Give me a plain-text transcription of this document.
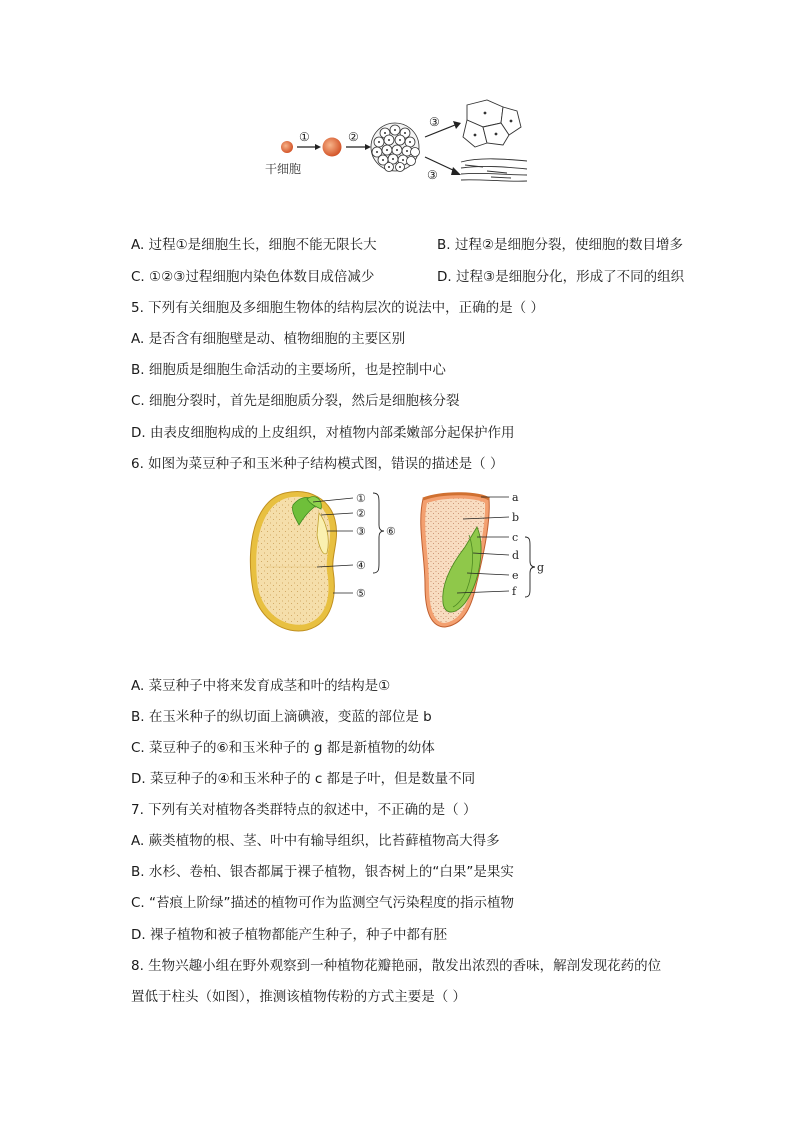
①	②
③
③
干细胞
A. 过程①是细胞生长，细胞不能无限长大	B. 过程②是细胞分裂，使细胞的数目增多
C. ①②③过程细胞内染色体数目成倍减少	D. 过程③是细胞分化，形成了不同的组织
5. 下列有关细胞及多细胞生物体的结构层次的说法中，正确的是（ ）
A. 是否含有细胞壁是动、植物细胞的主要区别
B. 细胞质是细胞生命活动的主要场所，也是控制中心
C. 细胞分裂时，首先是细胞质分裂，然后是细胞核分裂
D. 由表皮细胞构成的上皮组织，对植物内部柔嫩部分起保护作用
6. 如图为菜豆种子和玉米种子结构模式图，错误的描述是（ ）
①
②
③
④
⑤
⑥
a
b
c
d
e
f
g
A. 菜豆种子中将来发育成茎和叶的结构是①
B. 在玉米种子的纵切面上滴碘液，变蓝的部位是 b
C. 菜豆种子的⑥和玉米种子的 g 都是新植物的幼体
D. 菜豆种子的④和玉米种子的 c 都是子叶，但是数量不同
7. 下列有关对植物各类群特点的叙述中，不正确的是（ ）
A. 蕨类植物的根、茎、叶中有输导组织，比苔藓植物高大得多
B. 水杉、卷柏、银杏都属于裸子植物，银杏树上的“白果”是果实
C. “苔痕上阶绿”描述的植物可作为监测空气污染程度的指示植物
D. 裸子植物和被子植物都能产生种子，种子中都有胚
8. 生物兴趣小组在野外观察到一种植物花瓣艳丽，散发出浓烈的香味，解剖发现花药的位
置低于柱头（如图），推测该植物传粉的方式主要是（ ）
